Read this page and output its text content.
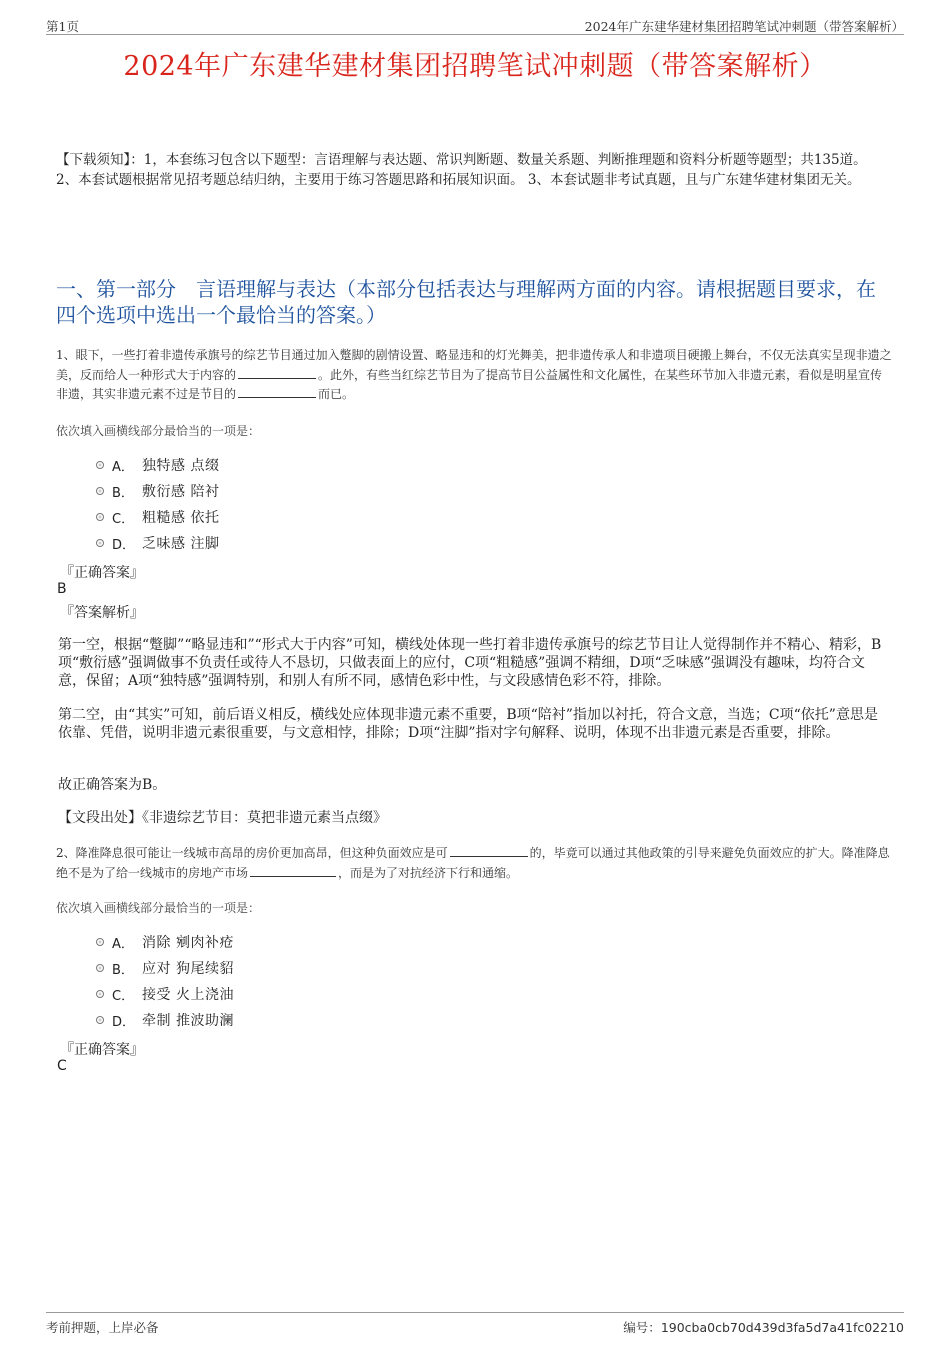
第1页	2024年广东建华建材集团招聘笔试冲刺题（带答案解析）
2024年广东建华建材集团招聘笔试冲刺题（带答案解析）
【下载须知】：1，本套练习包含以下题型：言语理解与表达题、常识判断题、数量关系题、判断推理题和资料分析题等题型；共135道。 2、本套试题根据常见招考题总结归纳，主要用于练习答题思路和拓展知识面。 3、本套试题非考试真题，且与广东建华建材集团无关。
一、第一部分　言语理解与表达（本部分包括表达与理解两方面的内容。请根据题目要求，在四个选项中选出一个最恰当的答案。）

1、眼下，一些打着非遗传承旗号的综艺节目通过加入蹩脚的剧情设置、略显违和的灯光舞美，把非遗传承人和非遗项目硬搬上舞台，不仅无法真实呈现非遗之美，反而给人一种形式大于内容的	。此外，有些当红综艺节目为了提高节目公益属性和文化属性，在某些环节加入非遗元素，看似是明星宣传非遗，其实非遗元素不过是节目的	而已。

依次填入画横线部分最恰当的一项是：
A． 独特感 点缀
B． 敷衍感 陪衬
C． 粗糙感 依托
D． 乏味感 注脚
『正确答案』
B
『答案解析』

第一空，根据“蹩脚”“略显违和”“形式大于内容”可知，横线处体现一些打着非遗传承旗号的综艺节目让人觉得制作并不精心、精彩，B项“敷衍感”强调做事不负责任或待人不恳切，只做表面上的应付，C项“粗糙感”强调不精细，D项“乏味感”强调没有趣味，均符合文意，保留；A项“独特感”强调特别，和别人有所不同，感情色彩中性，与文段感情色彩不符，排除。

第二空，由“其实”可知，前后语义相反，横线处应体现非遗元素不重要，B项“陪衬”指加以衬托，符合文意，当选；C项“依托”意思是依靠、凭借，说明非遗元素很重要，与文意相悖，排除；D项“注脚”指对字句解释、说明，体现不出非遗元素是否重要，排除。

故正确答案为B。

【文段出处】《非遗综艺节目：莫把非遗元素当点缀》

2、降准降息很可能让一线城市高昂的房价更加高昂，但这种负面效应是可	的，毕竟可以通过其他政策的引导来避免负面效应的扩大。降准降息绝不是为了给一线城市的房地产市场	，而是为了对抗经济下行和通缩。

依次填入画横线部分最恰当的一项是：
A． 消除 剜肉补疮
B． 应对 狗尾续貂
C． 接受 火上浇油
D． 牵制 推波助澜
『正确答案』
C
考前押题，上岸必备	编号：190cba0cb70d439d3fa5d7a41fc02210
